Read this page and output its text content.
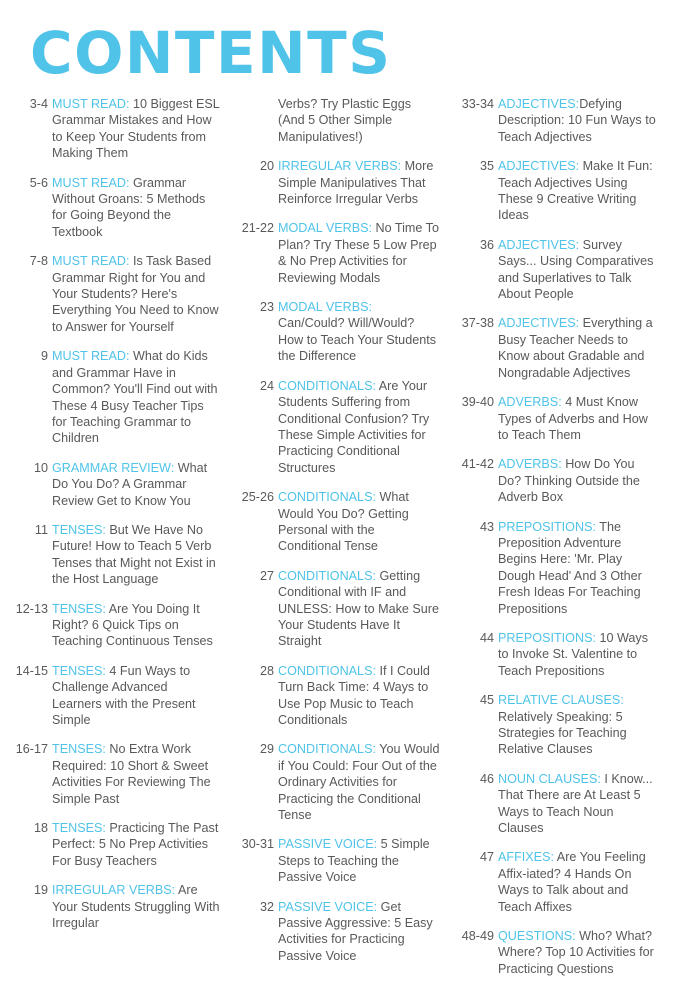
CONTENTS
3-4 MUST READ: 10 Biggest ESL Grammar Mistakes and How to Keep Your Students from Making Them
5-6 MUST READ: Grammar Without Groans: 5 Methods for Going Beyond the Textbook
7-8 MUST READ: Is Task Based Grammar Right for You and Your Students? Here's Everything You Need to Know to Answer for Yourself
9 MUST READ: What do Kids and Grammar Have in Common? You'll Find out with These 4 Busy Teacher Tips for Teaching Grammar to Children
10 GRAMMAR REVIEW: What Do You Do? A Grammar Review Get to Know You
11 TENSES: But We Have No Future! How to Teach 5 Verb Tenses that Might not Exist in the Host Language
12-13 TENSES: Are You Doing It Right? 6 Quick Tips on Teaching Continuous Tenses
14-15 TENSES: 4 Fun Ways to Challenge Advanced Learners with the Present Simple
16-17 TENSES: No Extra Work Required: 10 Short & Sweet Activities For Reviewing The Simple Past
18 TENSES: Practicing The Past Perfect: 5 No Prep Activities For Busy Teachers
19 IRREGULAR VERBS: Are Your Students Struggling With Irregular
Verbs? Try Plastic Eggs (And 5 Other Simple Manipulatives!)
20 IRREGULAR VERBS: More Simple Manipulatives That Reinforce Irregular Verbs
21-22 MODAL VERBS: No Time To Plan? Try These 5 Low Prep & No Prep Activities for Reviewing Modals
23 MODAL VERBS: Can/Could? Will/Would? How to Teach Your Students the Difference
24 CONDITIONALS: Are Your Students Suffering from Conditional Confusion? Try These Simple Activities for Practicing Conditional Structures
25-26 CONDITIONALS: What Would You Do? Getting Personal with the Conditional Tense
27 CONDITIONALS: Getting Conditional with IF and UNLESS: How to Make Sure Your Students Have It Straight
28 CONDITIONALS: If I Could Turn Back Time: 4 Ways to Use Pop Music to Teach Conditionals
29 CONDITIONALS: You Would if You Could: Four Out of the Ordinary Activities for Practicing the Conditional Tense
30-31 PASSIVE VOICE: 5 Simple Steps to Teaching the Passive Voice
32 PASSIVE VOICE: Get Passive Aggressive: 5 Easy Activities for Practicing Passive Voice
33-34 ADJECTIVES:Defying Description: 10 Fun Ways to Teach Adjectives
35 ADJECTIVES: Make It Fun: Teach Adjectives Using These 9 Creative Writing Ideas
36 ADJECTIVES: Survey Says... Using Comparatives and Superlatives to Talk About People
37-38 ADJECTIVES: Everything a Busy Teacher Needs to Know about Gradable and Nongradable Adjectives
39-40 ADVERBS: 4 Must Know Types of Adverbs and How to Teach Them
41-42 ADVERBS: How Do You Do? Thinking Outside the Adverb Box
43 PREPOSITIONS: The Preposition Adventure Begins Here: 'Mr. Play Dough Head' And 3 Other Fresh Ideas For Teaching Prepositions
44 PREPOSITIONS: 10 Ways to Invoke St. Valentine to Teach Prepositions
45 RELATIVE CLAUSES: Relatively Speaking: 5 Strategies for Teaching Relative Clauses
46 NOUN CLAUSES: I Know... That There are At Least 5 Ways to Teach Noun Clauses
47 AFFIXES: Are You Feeling Affix-iated? 4 Hands On Ways to Talk about and Teach Affixes
48-49 QUESTIONS: Who? What? Where? Top 10 Activities for Practicing Questions
